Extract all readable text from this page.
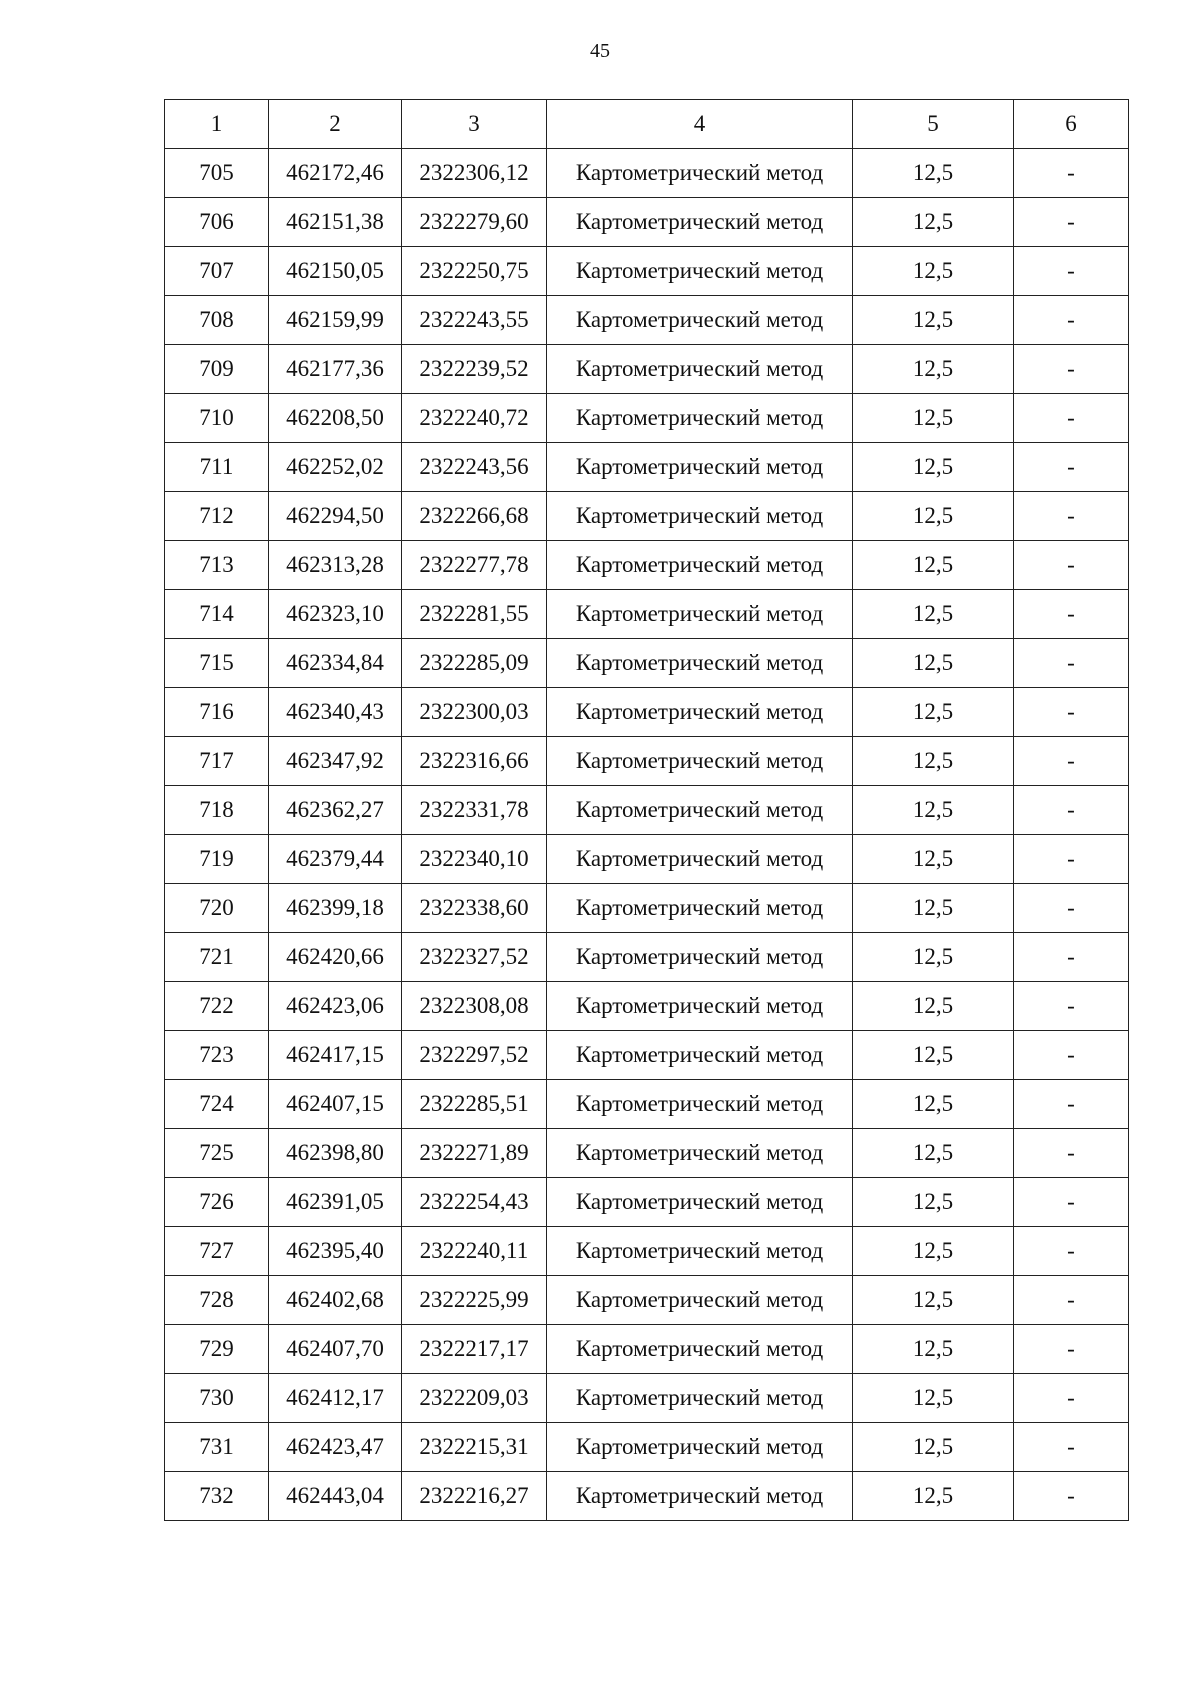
45
1	2	3	4	5	6
705	462172,46	2322306,12	Картометрический метод	12,5	-
706	462151,38	2322279,60	Картометрический метод	12,5	-
707	462150,05	2322250,75	Картометрический метод	12,5	-
708	462159,99	2322243,55	Картометрический метод	12,5	-
709	462177,36	2322239,52	Картометрический метод	12,5	-
710	462208,50	2322240,72	Картометрический метод	12,5	-
711	462252,02	2322243,56	Картометрический метод	12,5	-
712	462294,50	2322266,68	Картометрический метод	12,5	-
713	462313,28	2322277,78	Картометрический метод	12,5	-
714	462323,10	2322281,55	Картометрический метод	12,5	-
715	462334,84	2322285,09	Картометрический метод	12,5	-
716	462340,43	2322300,03	Картометрический метод	12,5	-
717	462347,92	2322316,66	Картометрический метод	12,5	-
718	462362,27	2322331,78	Картометрический метод	12,5	-
719	462379,44	2322340,10	Картометрический метод	12,5	-
720	462399,18	2322338,60	Картометрический метод	12,5	-
721	462420,66	2322327,52	Картометрический метод	12,5	-
722	462423,06	2322308,08	Картометрический метод	12,5	-
723	462417,15	2322297,52	Картометрический метод	12,5	-
724	462407,15	2322285,51	Картометрический метод	12,5	-
725	462398,80	2322271,89	Картометрический метод	12,5	-
726	462391,05	2322254,43	Картометрический метод	12,5	-
727	462395,40	2322240,11	Картометрический метод	12,5	-
728	462402,68	2322225,99	Картометрический метод	12,5	-
729	462407,70	2322217,17	Картометрический метод	12,5	-
730	462412,17	2322209,03	Картометрический метод	12,5	-
731	462423,47	2322215,31	Картометрический метод	12,5	-
732	462443,04	2322216,27	Картометрический метод	12,5	-
